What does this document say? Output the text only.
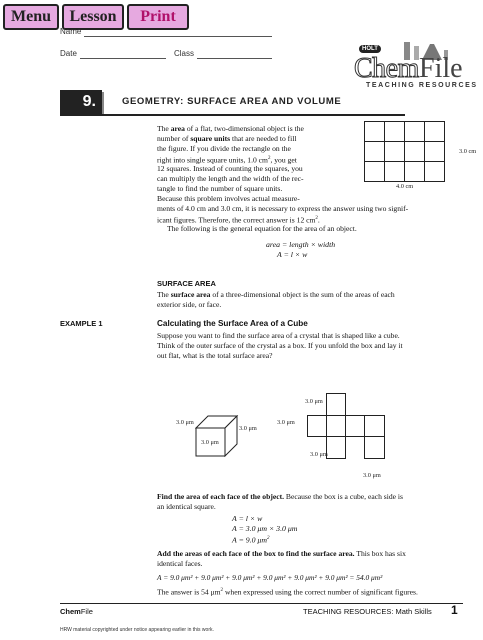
Menu	Lesson	Print
Name
Date	Class	HOLT
Chem File
TEACHING RESOURCES
9.	GEOMETRY: SURFACE AREA AND VOLUME
The area of a flat, two-dimensional object is the
number of square units that are needed to fill
the figure. If you divide the rectangle on the
right into single square units, 1.0 $cm^2$, you get
12 squares. Instead of counting the squares, you
can multiply the length and the width of the rec-
tangle to find the number of square units.
Because this problem involves actual measure-
ments of 4.0 cm and 3.0 cm, it is necessary to express the answer using two signif-
icant figures. Therefore, the correct answer is 12 $cm^2$.
The following is the general equation for the area of an object.
3.0 cm
4.0 cm
area = length × width
A = l × w
SURFACE AREA
The surface area of a three-dimensional object is the sum of the areas of each
exterior side, or face.
EXAMPLE 1	Calculating the Surface Area of a Cube
Suppose you want to find the surface area of a crystal that is shaped like a cube.
Think of the outer surface of the crystal as a box. If you unfold the box and lay it
out flat, what is the total surface area?
3.0 μm
3.0 μm
3.0 μm
3.0 μm
3.0 μm
3.0 μm
3.0 μm
Find the area of each face of the object. Because the box is a cube, each side is
an identical square.
A = l × w
A = 3.0 μm × 3.0 μm
A = 9.0 $\mu m^2$
Add the areas of each face of the box to find the surface area. This box has six
identical faces.
A = 9.0 μm² + 9.0 μm² + 9.0 μm² + 9.0 μm² + 9.0 μm² + 9.0 μm² = 54.0 μm²
The answer is 54 $\mu m^2$ when expressed using the correct number of significant figures.
ChemFile	TEACHING RESOURCES: Math Skills 1
HRW material copyrighted under notice appearing earlier in this work.
